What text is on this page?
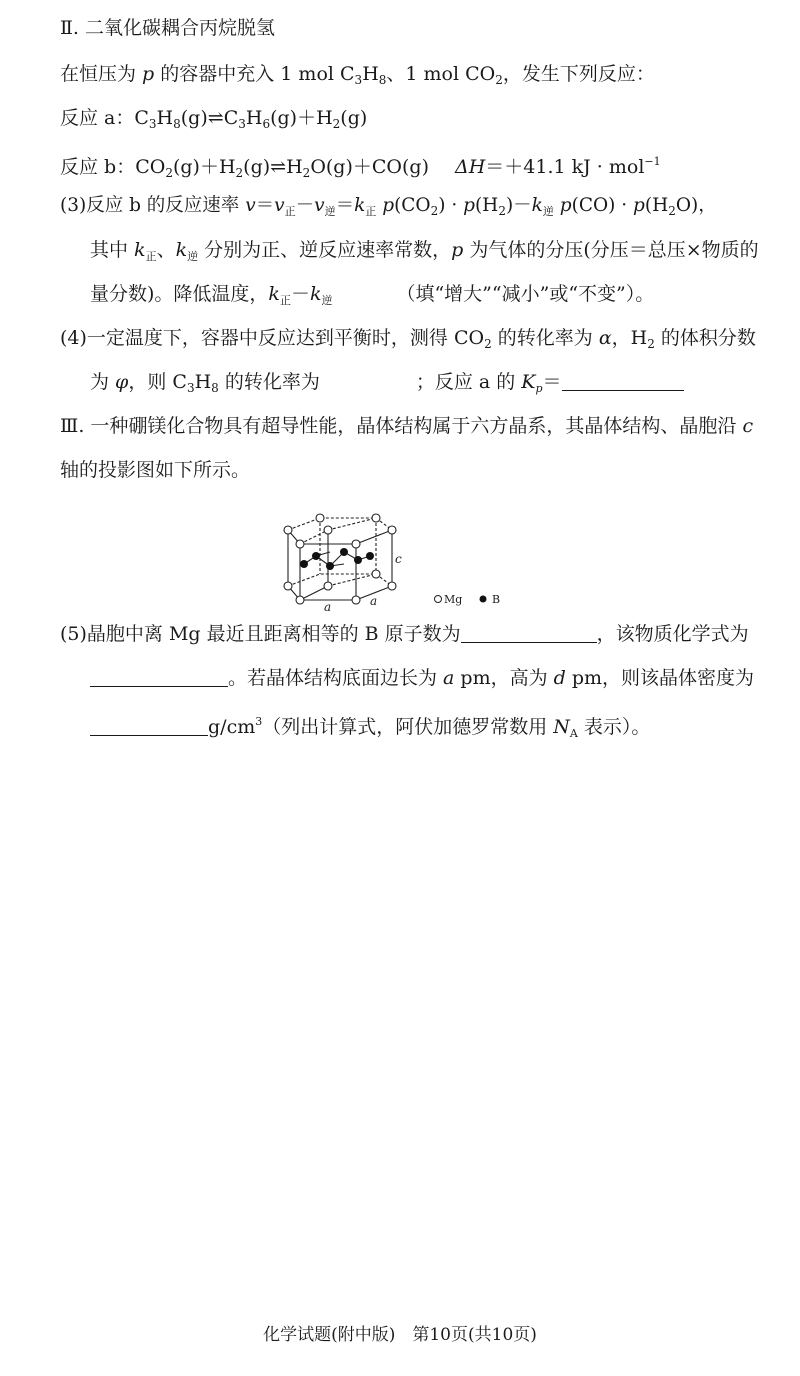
Ⅱ. 二氧化碳耦合丙烷脱氢
在恒压为 p 的容器中充入 1 mol $C_3H_8$、1 mol $CO_2$，发生下列反应：
反应 a：$C_3H_8(g)\rightleftharpoons C_3H_6(g)+H_2(g)$
反应 b：$CO_2(g)+H_2(g)\rightleftharpoons H_2O(g)+CO(g)$ ΔH＝＋41.1 kJ · mol$^{-1}$
(3)反应 b 的反应速率 $v=v_正-v_逆=k_正$ $p(CO_2) \cdot p(H_2)-k_逆$ $p(CO) \cdot p(H_2O)$，
其中 $k_正$、$k_逆$ 分别为正、逆反应速率常数，p 为气体的分压(分压＝总压×物质的
量分数)。降低温度，$k_正-k_逆$	（填“增大”“减小”或“不变”）。
(4)一定温度下，容器中反应达到平衡时，测得 $CO_2$ 的转化率为 α，$H_2$ 的体积分数
为 φ，则 $C_3H_8$ 的转化率为	；反应 a 的 $K_p=$
Ⅲ. 一种硼镁化合物具有超导性能，晶体结构属于六方晶系，其晶体结构、晶胞沿 c
轴的投影图如下所示。
c
a	a	Mg	B
(5)晶胞中离 Mg 最近且距离相等的 B 原子数为	，该物质化学式为
。若晶体结构底面边长为 a pm，高为 d pm，则该晶体密度为
$g/cm^3$（列出计算式，阿伏加德罗常数用 $N_A$ 表示）。
化学试题(附中版)　第10页(共10页)
